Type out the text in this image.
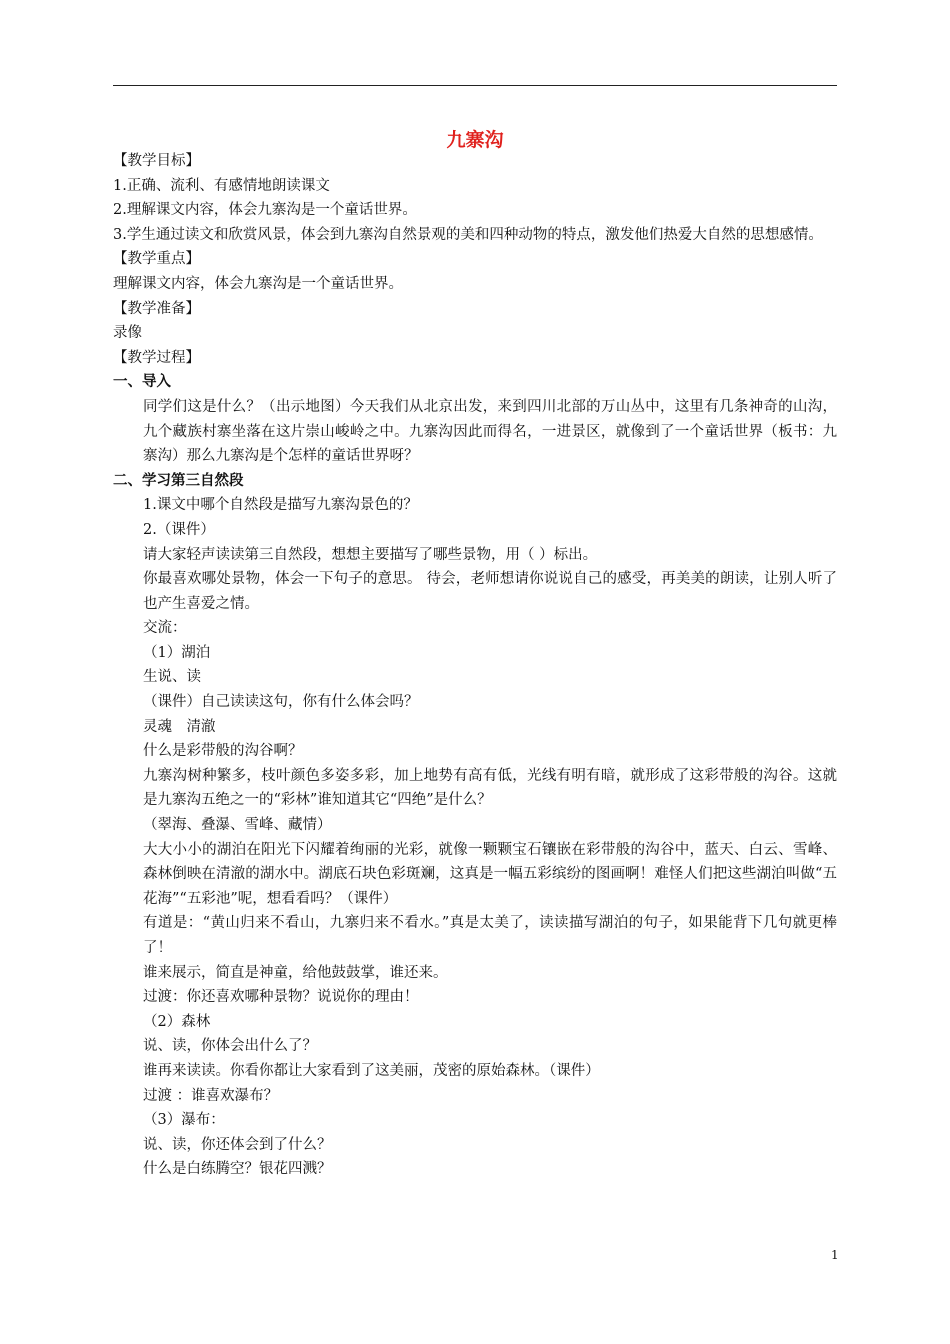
九寨沟
【教学目标】
1.正确、流利、有感情地朗读课文
2.理解课文内容，体会九寨沟是一个童话世界。
3.学生通过读文和欣赏风景，体会到九寨沟自然景观的美和四种动物的特点，激发他们热爱大自然的思想感情。
【教学重点】
理解课文内容，体会九寨沟是一个童话世界。
【教学准备】
录像
【教学过程】
一、导入
同学们这是什么？（出示地图）今天我们从北京出发，来到四川北部的万山丛中，这里有几条神奇的山沟，九个藏族村寨坐落在这片崇山峻岭之中。九寨沟因此而得名，一进景区，就像到了一个童话世界（板书：九寨沟）那么九寨沟是个怎样的童话世界呀？
二、学习第三自然段
1.课文中哪个自然段是描写九寨沟景色的？
2.（课件）
请大家轻声读读第三自然段，想想主要描写了哪些景物，用（ ）标出。
你最喜欢哪处景物，体会一下句子的意思。 待会，老师想请你说说自己的感受，再美美的朗读，让别人听了也产生喜爱之情。
交流：
（1）湖泊
生说、读
（课件）自己读读这句，你有什么体会吗？
灵魂　清澈
什么是彩带般的沟谷啊？
九寨沟树种繁多，枝叶颜色多姿多彩，加上地势有高有低，光线有明有暗，就形成了这彩带般的沟谷。这就是九寨沟五绝之一的“彩林”谁知道其它“四绝”是什么？
（翠海、叠瀑、雪峰、藏情）
大大小小的湖泊在阳光下闪耀着绚丽的光彩，就像一颗颗宝石镶嵌在彩带般的沟谷中，蓝天、白云、雪峰、森林倒映在清澈的湖水中。湖底石块色彩斑斓，这真是一幅五彩缤纷的图画啊！难怪人们把这些湖泊叫做“五花海”“五彩池”呢，想看看吗？（课件）
有道是：“黄山归来不看山，九寨归来不看水。”真是太美了，读读描写湖泊的句子，如果能背下几句就更棒了！
谁来展示，简直是神童，给他鼓鼓掌，谁还来。
过渡：你还喜欢哪种景物？说说你的理由！
（2）森林
说、读，你体会出什么了？
谁再来读读。你看你都让大家看到了这美丽，茂密的原始森林。（课件）
过渡 ：谁喜欢瀑布？
（3）瀑布：
说、读，你还体会到了什么？
什么是白练腾空？银花四溅？
1
